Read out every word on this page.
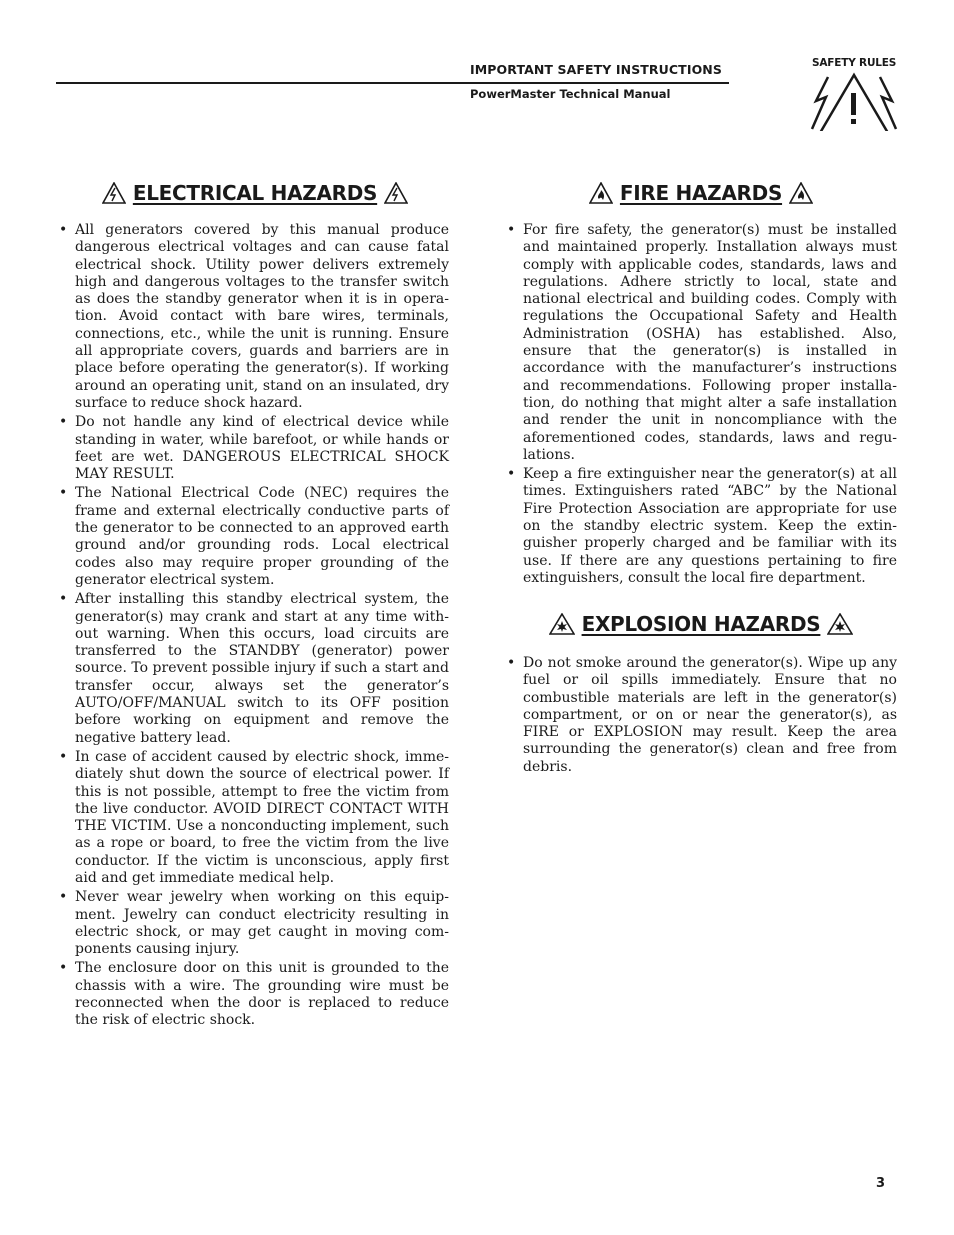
IMPORTANT SAFETY INSTRUCTIONS
PowerMaster Technical Manual
SAFETY RULES
ELECTRICAL HAZARDS
• All generators covered by this manual produce dangerous electrical voltages and can cause fatal electrical shock. Utility power delivers extremely high and dangerous voltages to the transfer switch as does the standby generator when it is in operation. Avoid contact with bare wires, terminals, connections, etc., while the unit is running. Ensure all appropriate covers, guards and barriers are in place before operating the generator(s). If working around an operating unit, stand on an insulated, dry surface to reduce shock hazard.
• Do not handle any kind of electrical device while standing in water, while barefoot, or while hands or feet are wet. DANGEROUS ELECTRICAL SHOCK MAY RESULT.
• The National Electrical Code (NEC) requires the frame and external electrically conductive parts of the generator to be connected to an approved earth ground and/or grounding rods. Local electrical codes also may require proper grounding of the generator electrical system.
• After installing this standby electrical system, the generator(s) may crank and start at any time without warning. When this occurs, load circuits are transferred to the STANDBY (generator) power source. To prevent possible injury if such a start and transfer occur, always set the generator’s AUTO/OFF/MANUAL switch to its OFF position before working on equipment and remove the negative battery lead.
• In case of accident caused by electric shock, immediately shut down the source of electrical power. If this is not possible, attempt to free the victim from the live conductor. AVOID DIRECT CONTACT WITH THE VICTIM. Use a nonconducting implement, such as a rope or board, to free the victim from the live conductor. If the victim is unconscious, apply first aid and get immediate medical help.
• Never wear jewelry when working on this equipment. Jewelry can conduct electricity resulting in electric shock, or may get caught in moving components causing injury.
• The enclosure door on this unit is grounded to the chassis with a wire. The grounding wire must be reconnected when the door is replaced to reduce the risk of electric shock.
FIRE HAZARDS
• For fire safety, the generator(s) must be installed and maintained properly. Installation always must comply with applicable codes, standards, laws and regulations. Adhere strictly to local, state and national electrical and building codes. Comply with regulations the Occupational Safety and Health Administration (OSHA) has established. Also, ensure that the generator(s) is installed in accordance with the manufacturer’s instructions and recommendations. Following proper installation, do nothing that might alter a safe installation and render the unit in noncompliance with the aforementioned codes, standards, laws and regulations.
• Keep a fire extinguisher near the generator(s) at all times. Extinguishers rated “ABC” by the National Fire Protection Association are appropriate for use on the standby electric system. Keep the extinguisher properly charged and be familiar with its use. If there are any questions pertaining to fire extinguishers, consult the local fire department.
EXPLOSION HAZARDS
• Do not smoke around the generator(s). Wipe up any fuel or oil spills immediately. Ensure that no combustible materials are left in the generator(s) compartment, or on or near the generator(s), as FIRE or EXPLOSION may result. Keep the area surrounding the generator(s) clean and free from debris.
3
